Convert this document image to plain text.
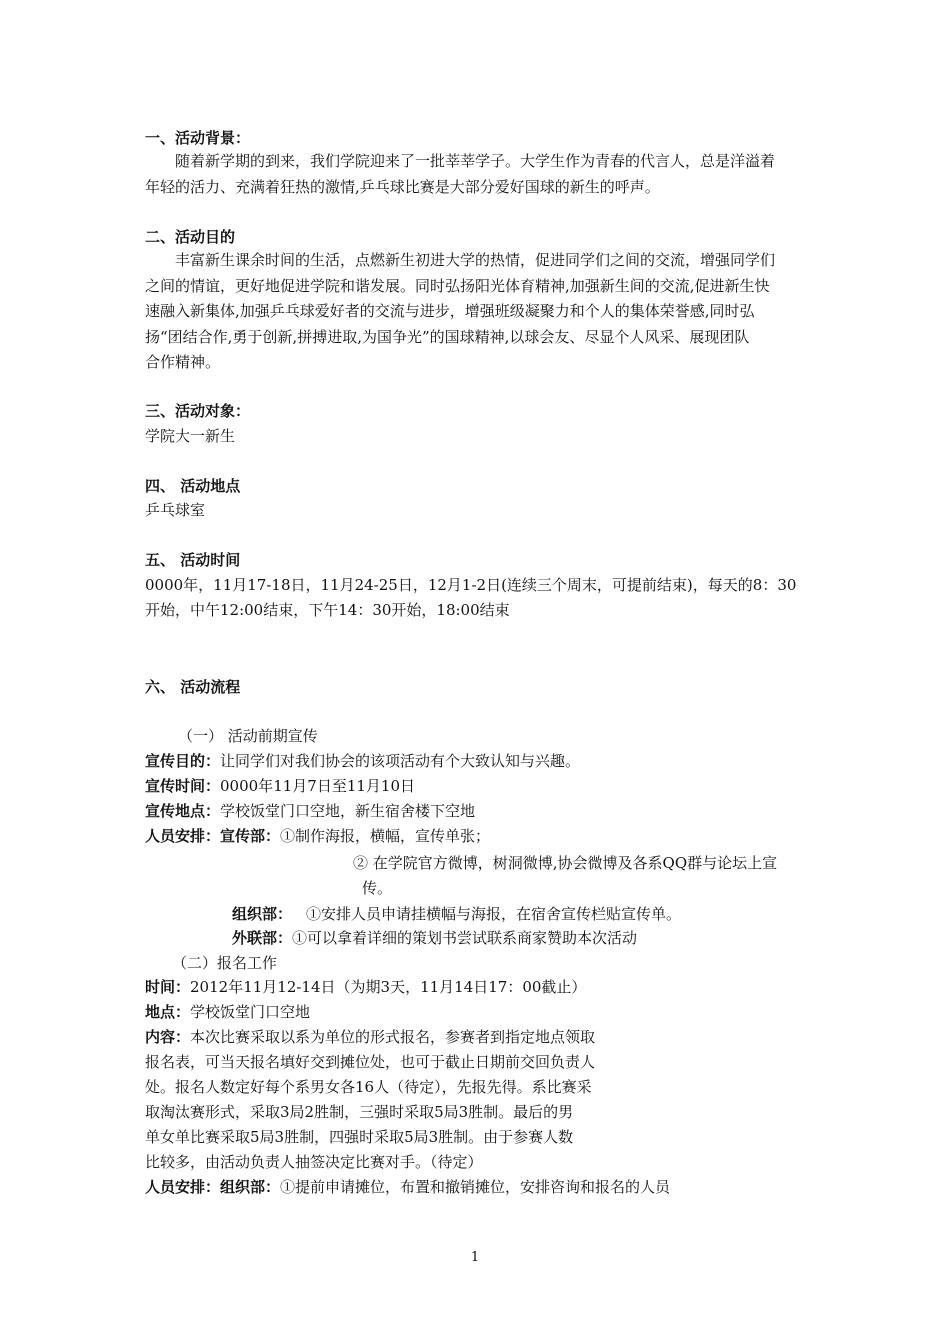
一、活动背景：
随着新学期的到来，我们学院迎来了一批莘莘学子。大学生作为青春的代言人，总是洋溢着
年轻的活力、充满着狂热的激情,乒乓球比赛是大部分爱好国球的新生的呼声。
二、活动目的
丰富新生课余时间的生活，点燃新生初进大学的热情，促进同学们之间的交流，增强同学们
之间的情谊，更好地促进学院和谐发展。同时弘扬阳光体育精神,加强新生间的交流,促进新生快
速融入新集体,加强乒乓球爱好者的交流与进步，增强班级凝聚力和个人的集体荣誉感,同时弘
扬“团结合作,勇于创新,拼搏进取,为国争光”的国球精神,以球会友、尽显个人风采、展现团队
合作精神。
三、活动对象：
学院大一新生
四、 活动地点
乒乓球室
五、 活动时间
0000年，11月17-18日，11月24-25日，12月1-2日(连续三个周末，可提前结束)，每天的8：30
开始，中午12:00结束，下午14：30开始，18:00结束
六、 活动流程
（一） 活动前期宣传
宣传目的：让同学们对我们协会的该项活动有个大致认知与兴趣。
宣传时间：0000年11月7日至11月10日
宣传地点：学校饭堂门口空地，新生宿舍楼下空地
人员安排：宣传部：①制作海报，横幅，宣传单张；
② 在学院官方微博，树洞微博,协会微博及各系QQ群与论坛上宣
传。
组织部： ①安排人员申请挂横幅与海报，在宿舍宣传栏贴宣传单。
外联部：①可以拿着详细的策划书尝试联系商家赞助本次活动
（二）报名工作
时间：2012年11月12-14日（为期3天，11月14日17：00截止）
地点：学校饭堂门口空地
内容：本次比赛采取以系为单位的形式报名，参赛者到指定地点领取
报名表，可当天报名填好交到摊位处，也可于截止日期前交回负责人
处。报名人数定好每个系男女各16人（待定），先报先得。系比赛采
取淘汰赛形式，采取3局2胜制，三强时采取5局3胜制。最后的男
单女单比赛采取5局3胜制，四强时采取5局3胜制。由于参赛人数
比较多，由活动负责人抽签决定比赛对手。（待定）
人员安排：组织部：①提前申请摊位，布置和撤销摊位，安排咨询和报名的人员
1
